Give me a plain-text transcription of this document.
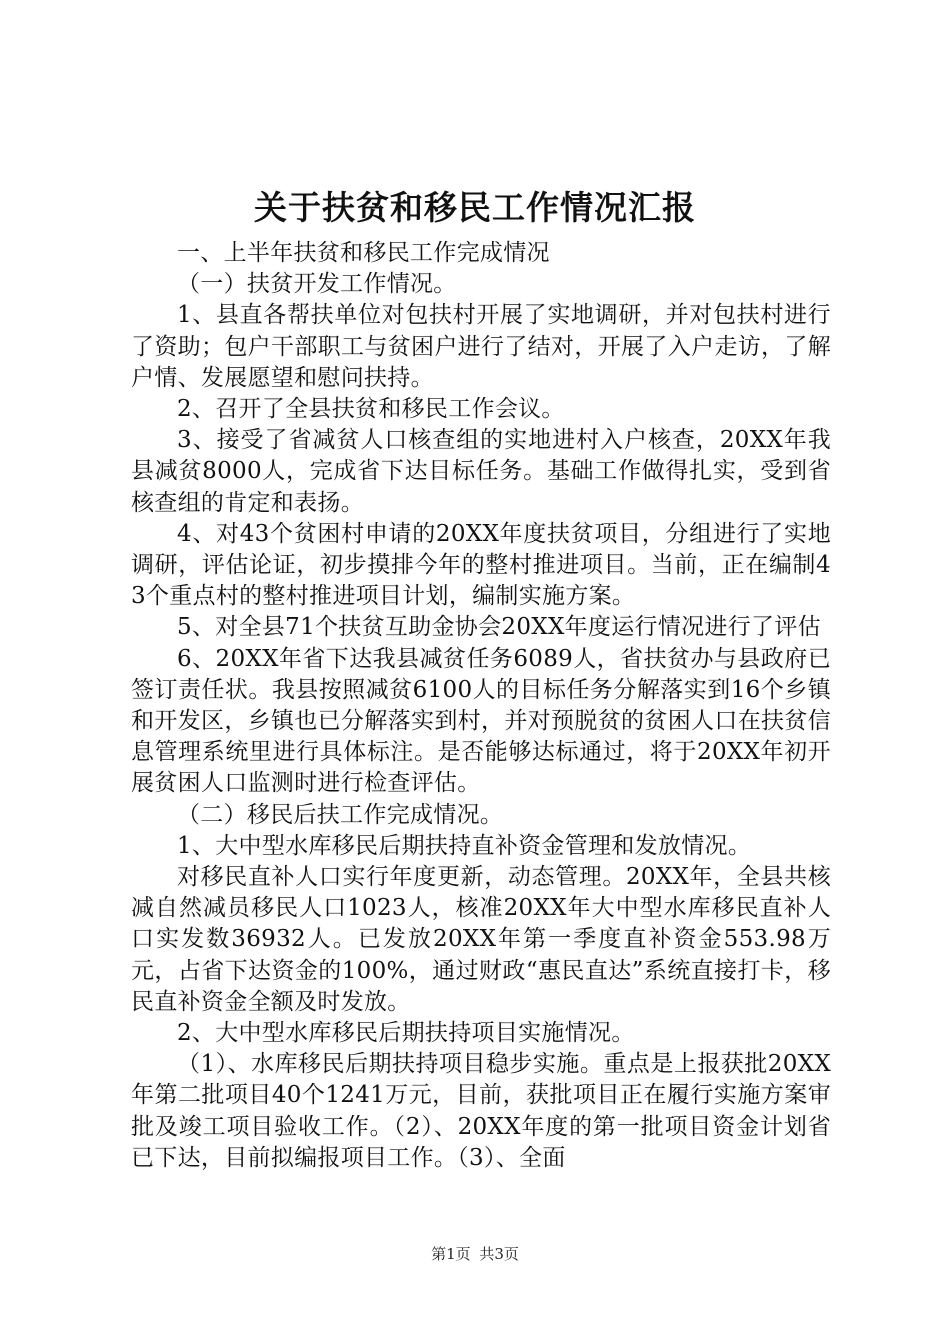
关于扶贫和移民工作情况汇报

一、上半年扶贫和移民工作完成情况

（一）扶贫开发工作情况。

1、县直各帮扶单位对包扶村开展了实地调研，并对包扶村进行了资助；包户干部职工与贫困户进行了结对，开展了入户走访，了解户情、发展愿望和慰问扶持。

2、召开了全县扶贫和移民工作会议。

3、接受了省减贫人口核查组的实地进村入户核查，20XX年我县减贫8000人，完成省下达目标任务。基础工作做得扎实，受到省核查组的肯定和表扬。

4、对43个贫困村申请的20XX年度扶贫项目，分组进行了实地调研，评估论证，初步摸排今年的整村推进项目。当前，正在编制43个重点村的整村推进项目计划，编制实施方案。

5、对全县71个扶贫互助金协会20XX年度运行情况进行了评估

6、20XX年省下达我县减贫任务6089人，省扶贫办与县政府已签订责任状。我县按照减贫6100人的目标任务分解落实到16个乡镇和开发区，乡镇也已分解落实到村，并对预脱贫的贫困人口在扶贫信息管理系统里进行具体标注。是否能够达标通过，将于20XX年初开展贫困人口监测时进行检查评估。

（二）移民后扶工作完成情况。

1、大中型水库移民后期扶持直补资金管理和发放情况。

对移民直补人口实行年度更新，动态管理。20XX年，全县共核减自然减员移民人口1023人，核准20XX年大中型水库移民直补人口实发数36932人。已发放20XX年第一季度直补资金553.98万元，占省下达资金的100%，通过财政“惠民直达”系统直接打卡，移民直补资金全额及时发放。

2、大中型水库移民后期扶持项目实施情况。

（1）、水库移民后期扶持项目稳步实施。重点是上报获批20XX年第二批项目40个1241万元，目前，获批项目正在履行实施方案审批及竣工项目验收工作。（2）、20XX年度的第一批项目资金计划省已下达，目前拟编报项目工作。（3）、全面

第1页 共3页
